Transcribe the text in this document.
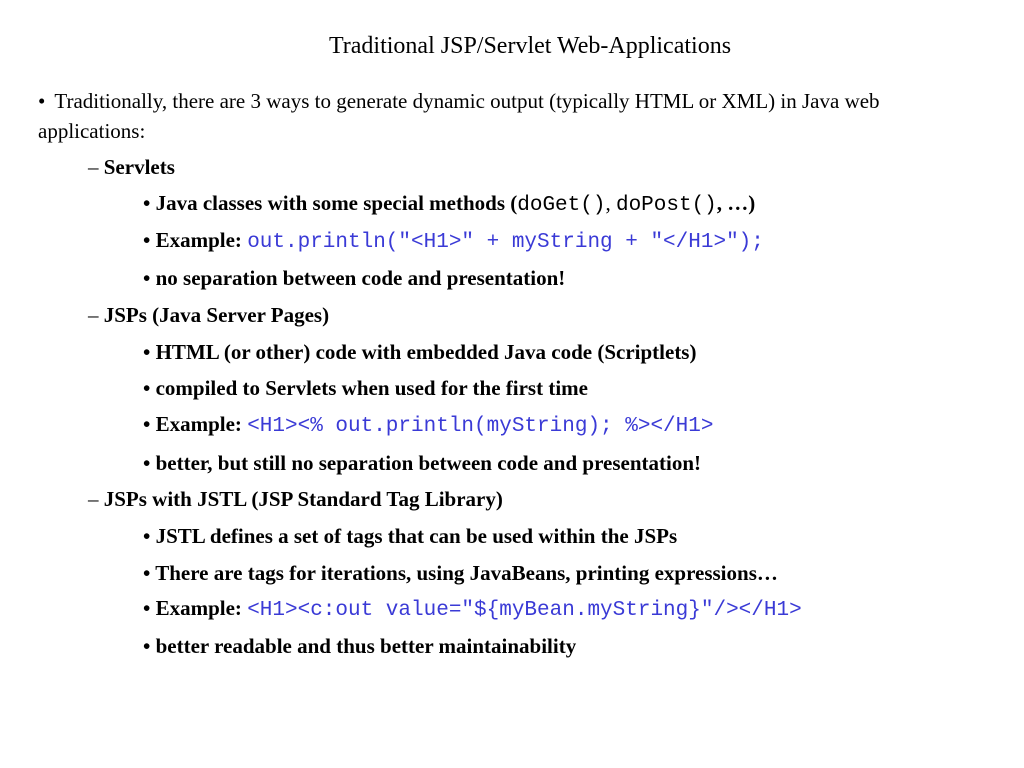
Traditional JSP/Servlet Web-Applications
• Traditionally, there are 3 ways to generate dynamic output (typically HTML or XML) in Java web applications:
– Servlets
• Java classes with some special methods (doGet(), doPost(), …)
• Example: out.println("<H1>" + myString + "</H1>");
• no separation between code and presentation!
– JSPs (Java Server Pages)
• HTML (or other) code with embedded Java code (Scriptlets)
• compiled to Servlets when used for the first time
• Example: <H1><% out.println(myString); %></H1>
• better, but still no separation between code and presentation!
– JSPs with JSTL (JSP Standard Tag Library)
• JSTL defines a set of tags that can be used within the JSPs
• There are tags for iterations, using JavaBeans, printing expressions…
• Example: <H1><c:out value="${myBean.myString}"/></H1>
• better readable and thus better maintainability
